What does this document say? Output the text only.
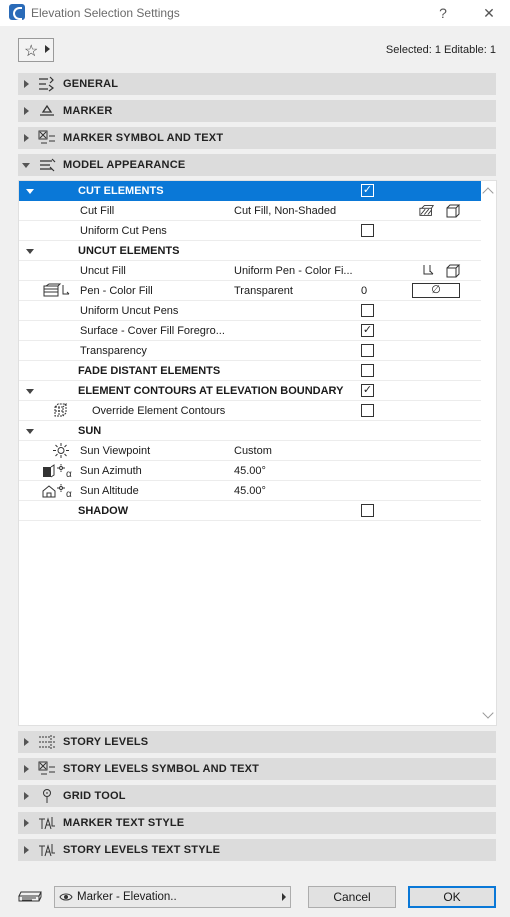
Elevation Selection Settings	?	✕
☆	Selected: 1 Editable: 1
GENERAL
MARKER
MARKER SYMBOL AND TEXT
MODEL APPEARANCE
CUT ELEMENTS	✓
Cut Fill	Cut Fill, Non-Shaded
Uniform Cut Pens
UNCUT ELEMENTS
Uncut Fill	Uniform Pen - Color Fi...
Pen - Color Fill	Transparent	0	∅
Uniform Uncut Pens
Surface - Cover Fill Foregro...	✓
Transparency
FADE DISTANT ELEMENTS
ELEMENT CONTOURS AT ELEVATION BOUNDARY ✓
Override Element Contours
SUN
Sun Viewpoint	Custom
α Sun Azimuth	45.00°
α Sun Altitude	45.00°
SHADOW
STORY LEVELS
STORY LEVELS SYMBOL AND TEXT
GRID TOOL
MARKER TEXT STYLE
STORY LEVELS TEXT STYLE
Marker - Elevation..	Cancel	OK
